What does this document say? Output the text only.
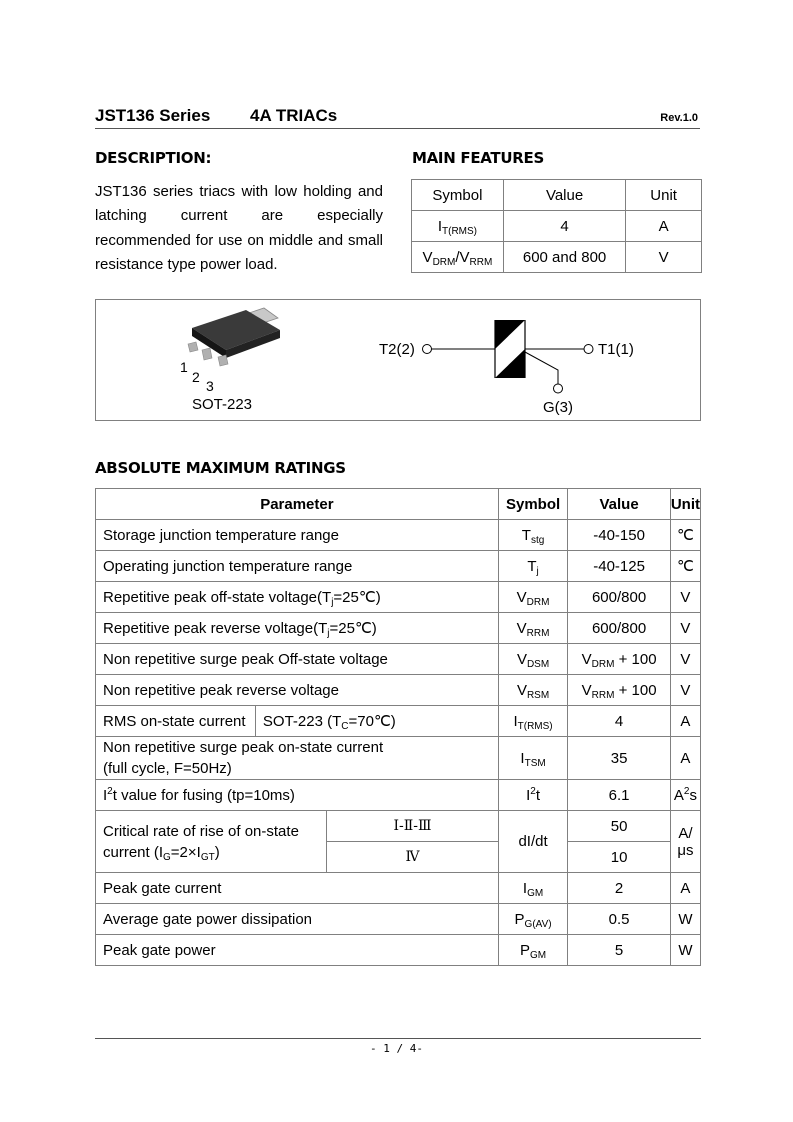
JST136 Series 4A TRIACs	Rev.1.0
DESCRIPTION:
JST136 series triacs with low holding and latching current are especially recommended for use on middle and small resistance type power load.
MAIN FEATURES
Symbol	Value	Unit
$I_{T(RMS)}$	4	A
$V_{DRM}/V_{RRM}$	600 and 800	V
1
2
3
SOT-223
T2(2)	T1(1)
G(3)
ABSOLUTE MAXIMUM RATINGS
Parameter			Symbol	Value	Unit
Storage junction temperature range			$T_{stg}$	-40-150	℃
Operating junction temperature range			$T_j$	-40-125	℃
Repetitive peak off-state $voltage(T_j=25℃)$			$V_{DRM}$	600/800	V
Repetitive peak reverse $voltage(T_j=25℃)$			$V_{RRM}$	600/800	V
Non repetitive surge peak Off-state voltage			$V_{DSM}$	$V_{DRM} + 100$	V
Non repetitive peak reverse voltage			$V_{RSM}$	$V_{RRM} + 100$	V
RMS on-state current	SOT-223 $(T_C=70℃)$		$I_{T(RMS)}$	4	A
Non repetitive surge peak on-state current
(full cycle, F=50Hz)			$I_{TSM}$	35	A
$I^2t$ value for fusing (tp=10ms)			$I^2t$	6.1	$A^2s$
Critical rate of rise of on-state
current $(I_G=2\times I_{GT})$		Ⅰ-Ⅱ-Ⅲ	dI/dt	50	A/μs
		Ⅳ		10	
Peak gate current			$I_{GM}$	2	A
Average gate power dissipation			$P_{G(AV)}$	0.5	W
Peak gate power			$P_{GM}$	5	W
- 1 / 4-
